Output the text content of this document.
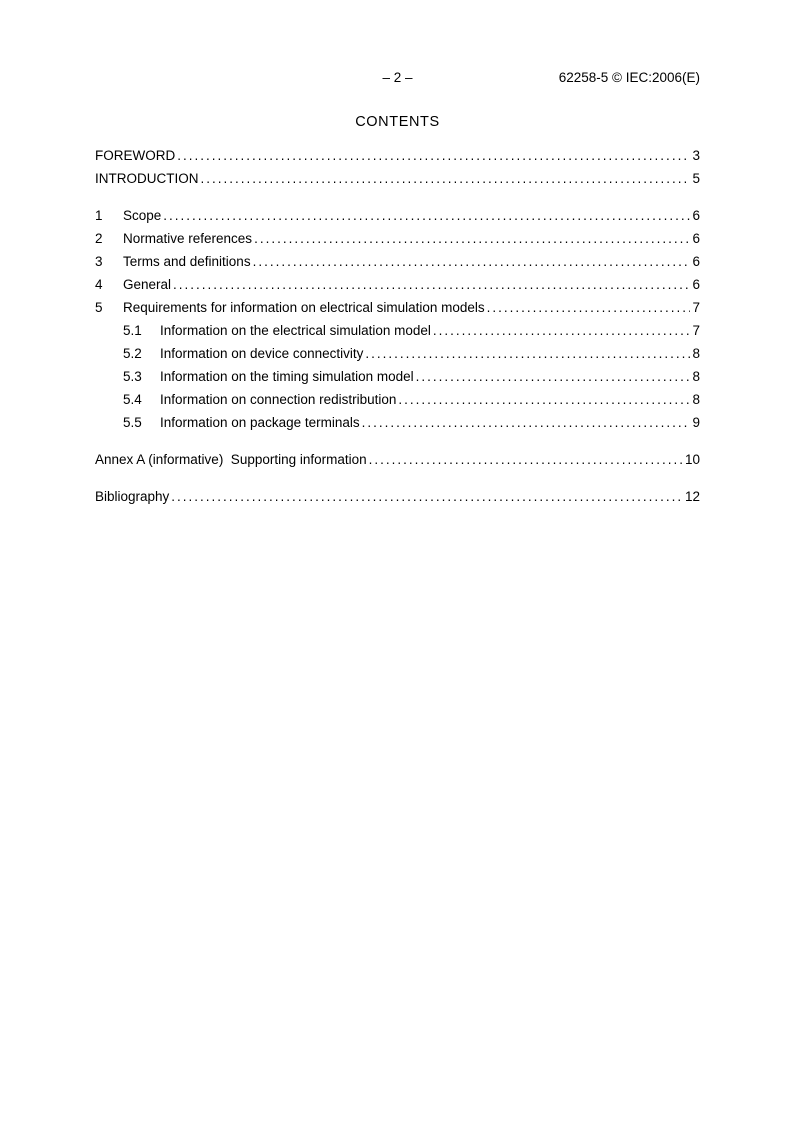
– 2 –	62258-5 © IEC:2006(E)
CONTENTS
FOREWORD .....	3
INTRODUCTION .....	5
1	Scope .....	6
2	Normative references .....	6
3	Terms and definitions .....	6
4	General .....	6
5	Requirements for information on electrical simulation models .....	7
5.1	Information on the electrical simulation model .....	7
5.2	Information on device connectivity .....	8
5.3	Information on the timing simulation model .....	8
5.4	Information on connection redistribution .....	8
5.5	Information on package terminals .....	9
Annex A (informative)  Supporting information .....	10
Bibliography .....	12
